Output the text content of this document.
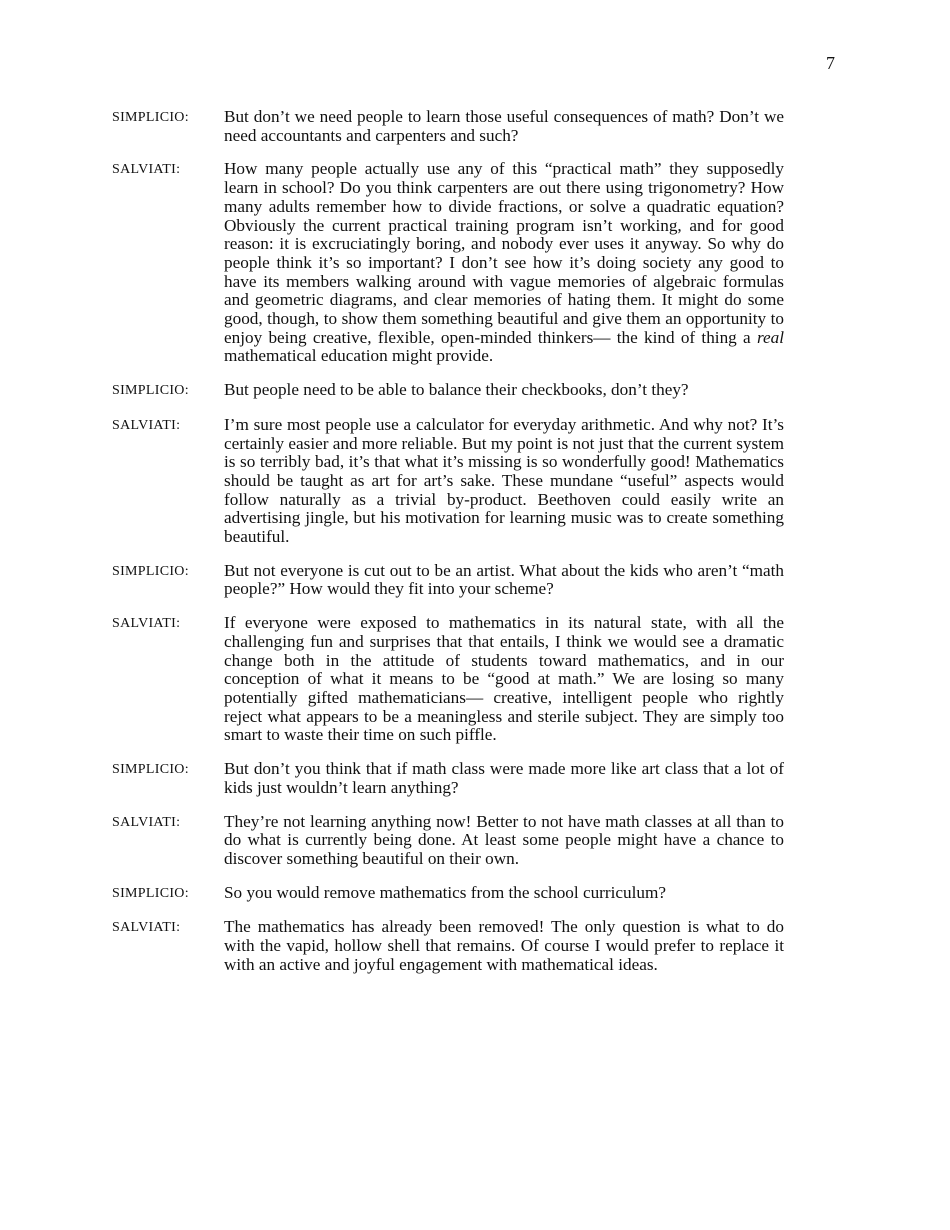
7
SIMPLICIO:	But don’t we need people to learn those useful consequences of math? Don’t we need accountants and carpenters and such?
SALVIATI:	How many people actually use any of this “practical math” they supposedly learn in school? Do you think carpenters are out there using trigonometry? How many adults remember how to divide fractions, or solve a quadratic equation? Obviously the current practical training program isn’t working, and for good reason: it is excruciatingly boring, and nobody ever uses it anyway. So why do people think it’s so important? I don’t see how it’s doing society any good to have its members walking around with vague memories of algebraic formulas and geometric diagrams, and clear memories of hating them. It might do some good, though, to show them something beautiful and give them an opportunity to enjoy being creative, flexible, open-minded thinkers— the kind of thing a real mathematical education might provide.
SIMPLICIO:	But people need to be able to balance their checkbooks, don’t they?
SALVIATI:	I’m sure most people use a calculator for everyday arithmetic. And why not? It’s certainly easier and more reliable. But my point is not just that the current system is so terribly bad, it’s that what it’s missing is so wonderfully good! Mathematics should be taught as art for art’s sake. These mundane “useful” aspects would follow naturally as a trivial by-product. Beethoven could easily write an advertising jingle, but his motivation for learning music was to create something beautiful.
SIMPLICIO:	But not everyone is cut out to be an artist. What about the kids who aren’t “math people?” How would they fit into your scheme?
SALVIATI:	If everyone were exposed to mathematics in its natural state, with all the challenging fun and surprises that that entails, I think we would see a dramatic change both in the attitude of students toward mathematics, and in our conception of what it means to be “good at math.” We are losing so many potentially gifted mathematicians— creative, intelligent people who rightly reject what appears to be a meaningless and sterile subject. They are simply too smart to waste their time on such piffle.
SIMPLICIO:	But don’t you think that if math class were made more like art class that a lot of kids just wouldn’t learn anything?
SALVIATI:	They’re not learning anything now! Better to not have math classes at all than to do what is currently being done. At least some people might have a chance to discover something beautiful on their own.
SIMPLICIO:	So you would remove mathematics from the school curriculum?
SALVIATI:	The mathematics has already been removed! The only question is what to do with the vapid, hollow shell that remains. Of course I would prefer to replace it with an active and joyful engagement with mathematical ideas.
